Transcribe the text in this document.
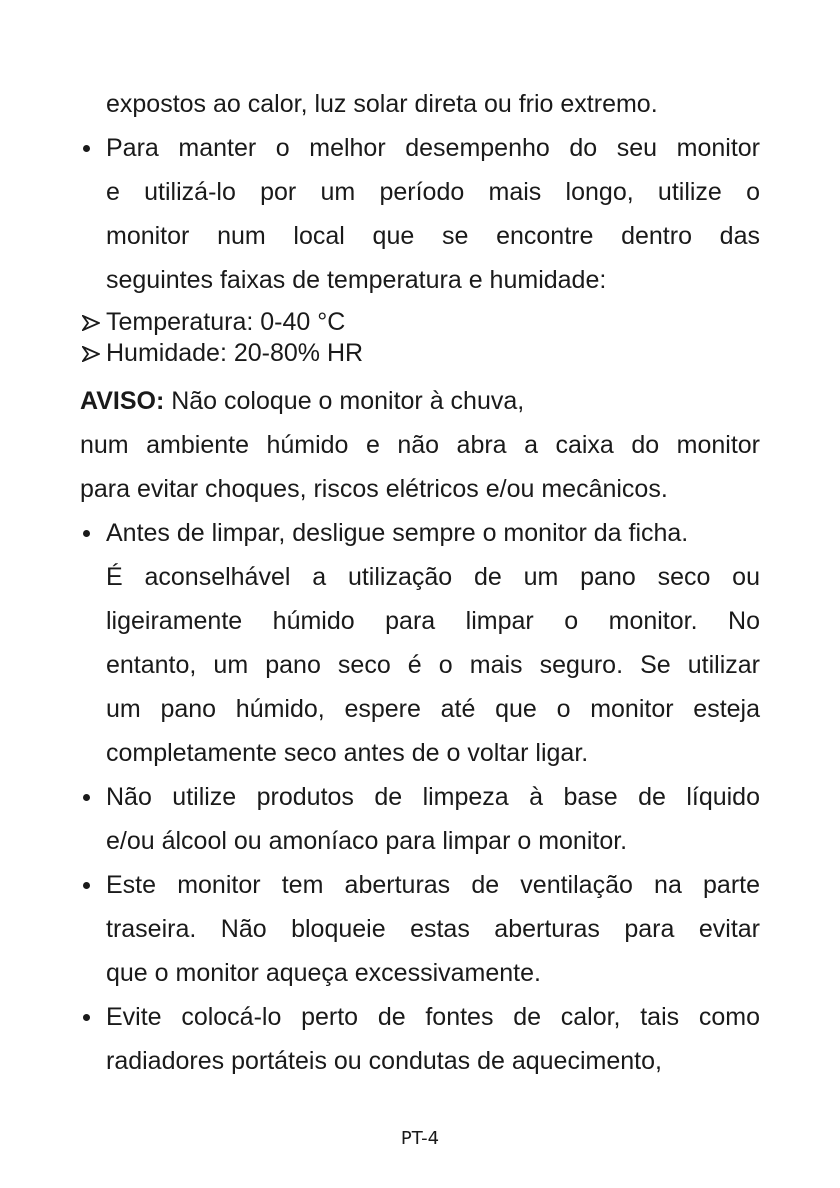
expostos ao calor, luz solar direta ou frio extremo.
Para manter o melhor desempenho do seu monitor
e utilizá-lo por um período mais longo, utilize o
monitor num local que se encontre dentro das
seguintes faixas de temperatura e humidade:
Temperatura: 0-40 °C
Humidade: 20-80% HR
AVISO: Não coloque o monitor à chuva,
num ambiente húmido e não abra a caixa do monitor
para evitar choques, riscos elétricos e/ou mecânicos.
Antes de limpar, desligue sempre o monitor da ficha.
É aconselhável a utilização de um pano seco ou
ligeiramente húmido para limpar o monitor. No
entanto, um pano seco é o mais seguro. Se utilizar
um pano húmido, espere até que o monitor esteja
completamente seco antes de o voltar ligar.
Não utilize produtos de limpeza à base de líquido
e/ou álcool ou amoníaco para limpar o monitor.
Este monitor tem aberturas de ventilação na parte
traseira. Não bloqueie estas aberturas para evitar
que o monitor aqueça excessivamente.
Evite colocá-lo perto de fontes de calor, tais como
radiadores portáteis ou condutas de aquecimento,
PT-4
